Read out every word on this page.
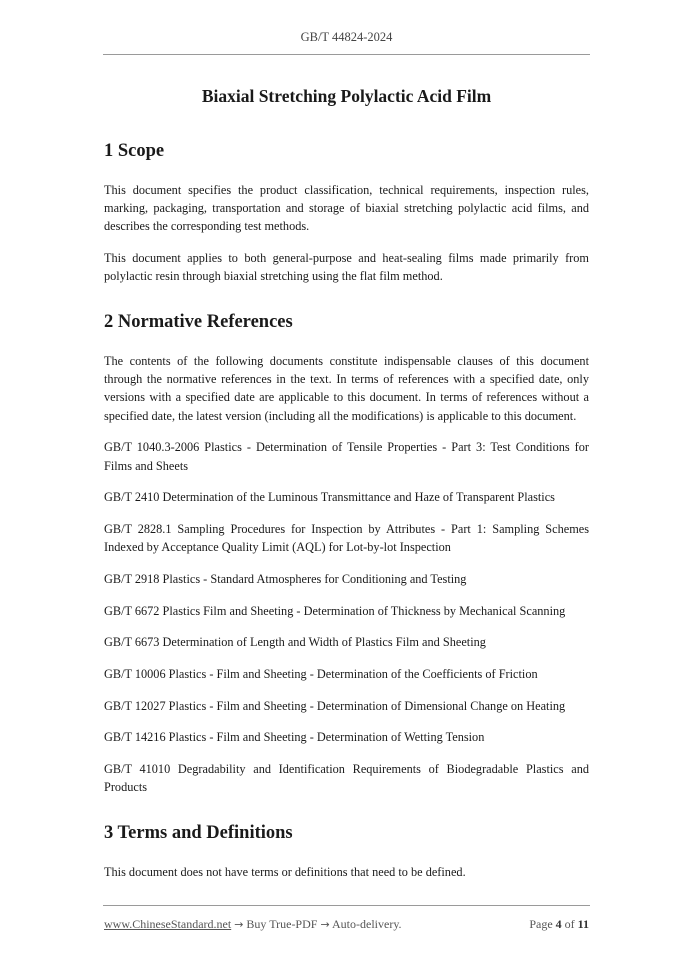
GB/T 44824-2024
Biaxial Stretching Polylactic Acid Film
1 Scope

This document specifies the product classification, technical requirements, inspection rules, marking, packaging, transportation and storage of biaxial stretching polylactic acid films, and describes the corresponding test methods.

This document applies to both general-purpose and heat-sealing films made primarily from polylactic resin through biaxial stretching using the flat film method.

2 Normative References

The contents of the following documents constitute indispensable clauses of this document through the normative references in the text. In terms of references with a specified date, only versions with a specified date are applicable to this document. In terms of references without a specified date, the latest version (including all the modifications) is applicable to this document.

GB/T 1040.3-2006 Plastics - Determination of Tensile Properties - Part 3: Test Conditions for Films and Sheets

GB/T 2410 Determination of the Luminous Transmittance and Haze of Transparent Plastics

GB/T 2828.1 Sampling Procedures for Inspection by Attributes - Part 1: Sampling Schemes Indexed by Acceptance Quality Limit (AQL) for Lot-by-lot Inspection

GB/T 2918 Plastics - Standard Atmospheres for Conditioning and Testing

GB/T 6672 Plastics Film and Sheeting - Determination of Thickness by Mechanical Scanning

GB/T 6673 Determination of Length and Width of Plastics Film and Sheeting

GB/T 10006 Plastics - Film and Sheeting - Determination of the Coefficients of Friction

GB/T 12027 Plastics - Film and Sheeting - Determination of Dimensional Change on Heating

GB/T 14216 Plastics - Film and Sheeting - Determination of Wetting Tension

GB/T 41010 Degradability and Identification Requirements of Biodegradable Plastics and Products

3 Terms and Definitions

This document does not have terms or definitions that need to be defined.

www.ChineseStandard.net → Buy True-PDF → Auto-delivery.	Page 4 of 11
